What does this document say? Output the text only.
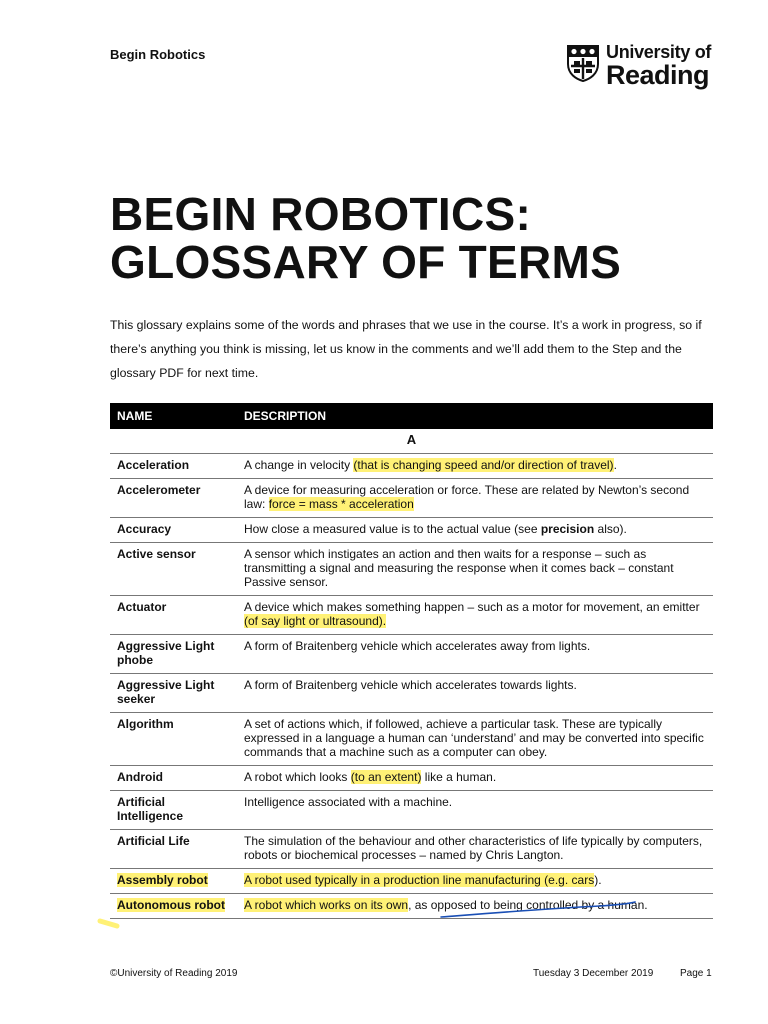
Begin Robotics	University of
Reading
BEGIN ROBOTICS:
GLOSSARY OF TERMS

This glossary explains some of the words and phrases that we use in the course. It’s a work in progress, so if there’s anything you think is missing, let us know in the comments and we’ll add them to the Step and the glossary PDF for next time.

NAME	DESCRIPTION
A	
Acceleration	A change in velocity (that is changing speed and/or direction of travel).
Accelerometer	A device for measuring acceleration or force. These are related by Newton’s second law: force = mass * acceleration
Accuracy	How close a measured value is to the actual value (see precision also).
Active sensor	A sensor which instigates an action and then waits for a response – such as transmitting a signal and measuring the response when it comes back – constant Passive sensor.
Actuator	A device which makes something happen – such as a motor for movement, an emitter (of say light or ultrasound).
Aggressive Light phobe	A form of Braitenberg vehicle which accelerates away from lights.
Aggressive Light seeker	A form of Braitenberg vehicle which accelerates towards lights.
Algorithm	A set of actions which, if followed, achieve a particular task. These are typically expressed in a language a human can ‘understand’ and may be converted into specific commands that a machine such as a computer can obey.
Android	A robot which looks (to an extent) like a human.
Artificial Intelligence	Intelligence associated with a machine.
Artificial Life	The simulation of the behaviour and other characteristics of life typically by computers, robots or biochemical processes – named by Chris Langton.
Assembly robot	A robot used typically in a production line manufacturing (e.g. cars).
Autonomous robot	A robot which works on its own, as opposed to being controlled by a human.
©University of Reading 2019	Tuesday 3 December 2019	Page 1
